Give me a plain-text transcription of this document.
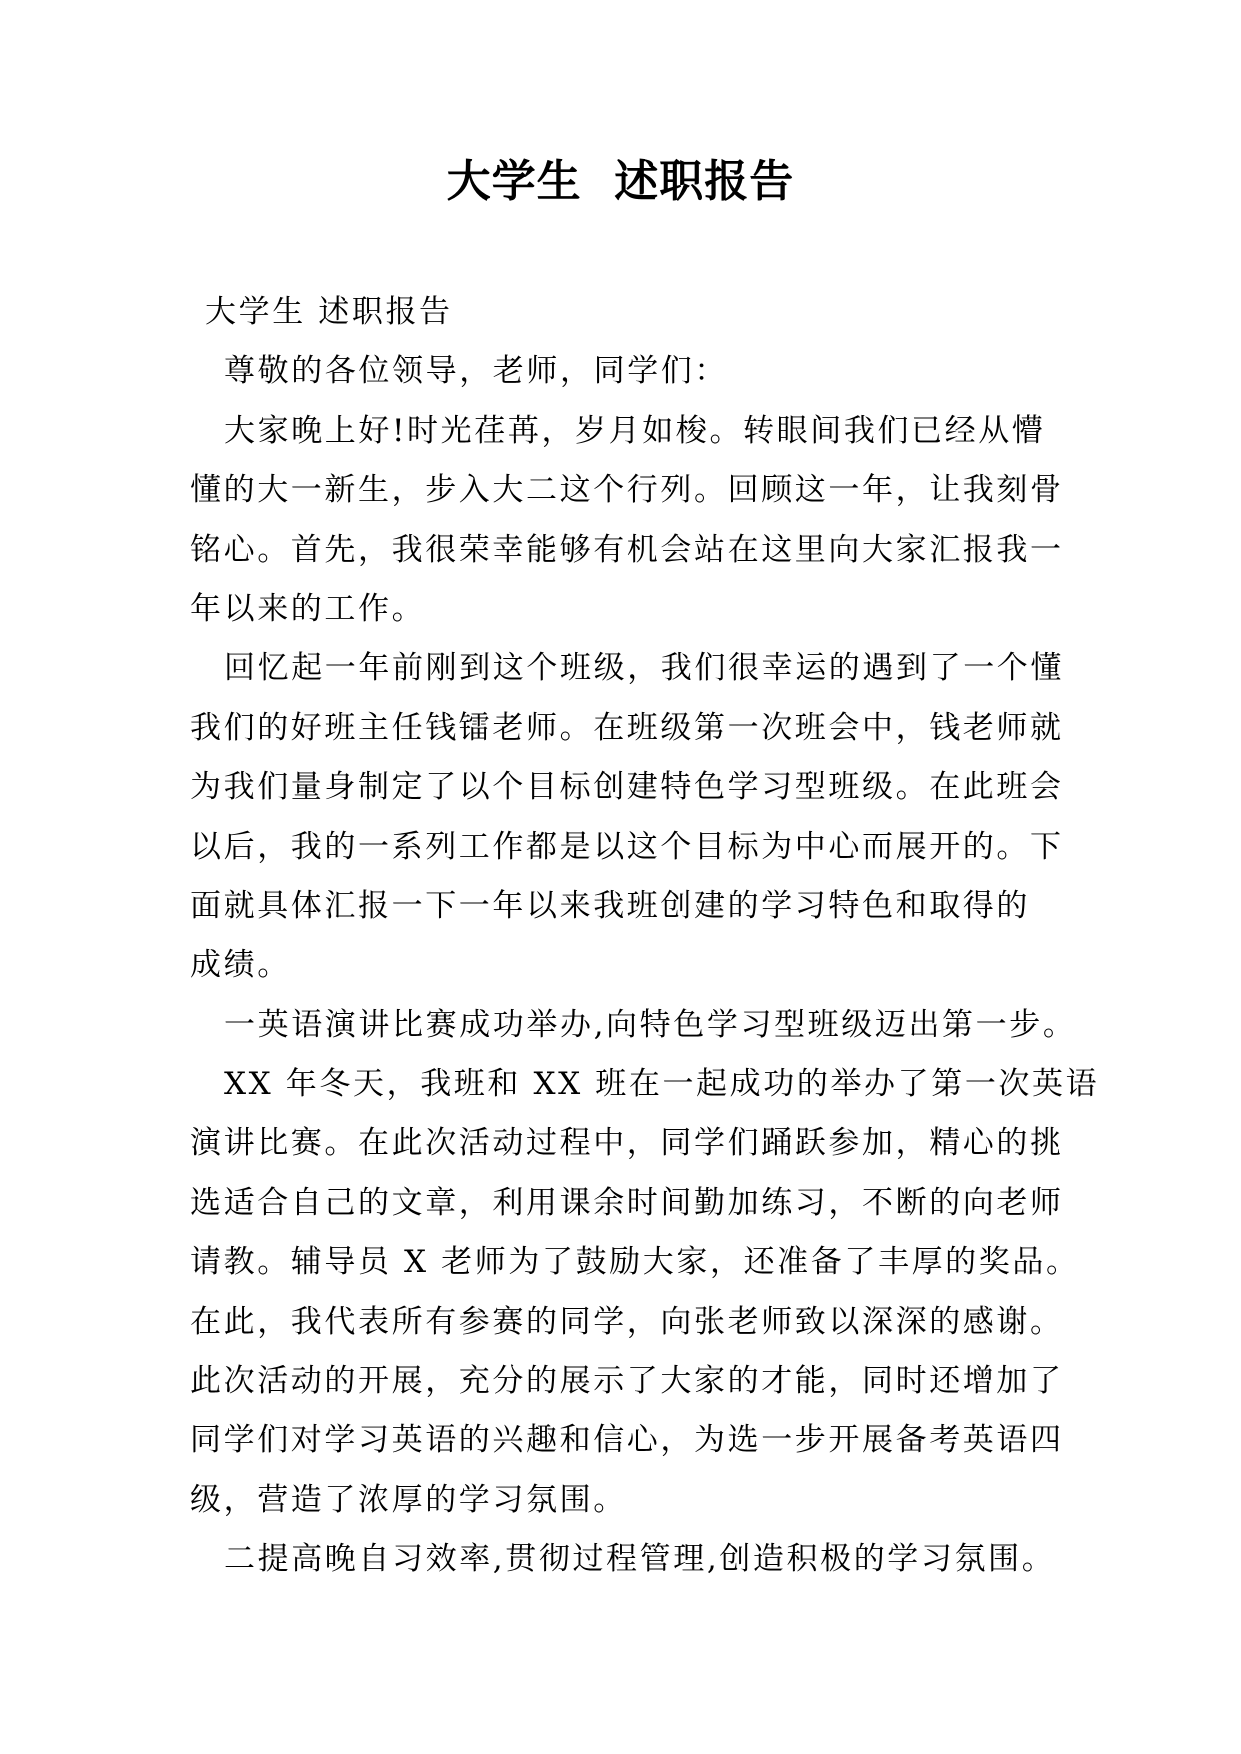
大学生  述职报告
大学生 述职报告
尊敬的各位领导，老师，同学们：
大家晚上好!时光荏苒，岁月如梭。转眼间我们已经从懵
懂的大一新生，步入大二这个行列。回顾这一年，让我刻骨
铭心。首先，我很荣幸能够有机会站在这里向大家汇报我一
年以来的工作。
回忆起一年前刚到这个班级，我们很幸运的遇到了一个懂
我们的好班主任钱镭老师。在班级第一次班会中，钱老师就
为我们量身制定了以个目标创建特色学习型班级。在此班会
以后，我的一系列工作都是以这个目标为中心而展开的。下
面就具体汇报一下一年以来我班创建的学习特色和取得的
成绩。
一英语演讲比赛成功举办,向特色学习型班级迈出第一步。
XX 年冬天，我班和 XX 班在一起成功的举办了第一次英语
演讲比赛。在此次活动过程中，同学们踊跃参加，精心的挑
选适合自己的文章，利用课余时间勤加练习，不断的向老师
请教。辅导员 X 老师为了鼓励大家，还准备了丰厚的奖品。
在此，我代表所有参赛的同学，向张老师致以深深的感谢。
此次活动的开展，充分的展示了大家的才能，同时还增加了
同学们对学习英语的兴趣和信心，为选一步开展备考英语四
级，营造了浓厚的学习氛围。
二提高晚自习效率,贯彻过程管理,创造积极的学习氛围。
